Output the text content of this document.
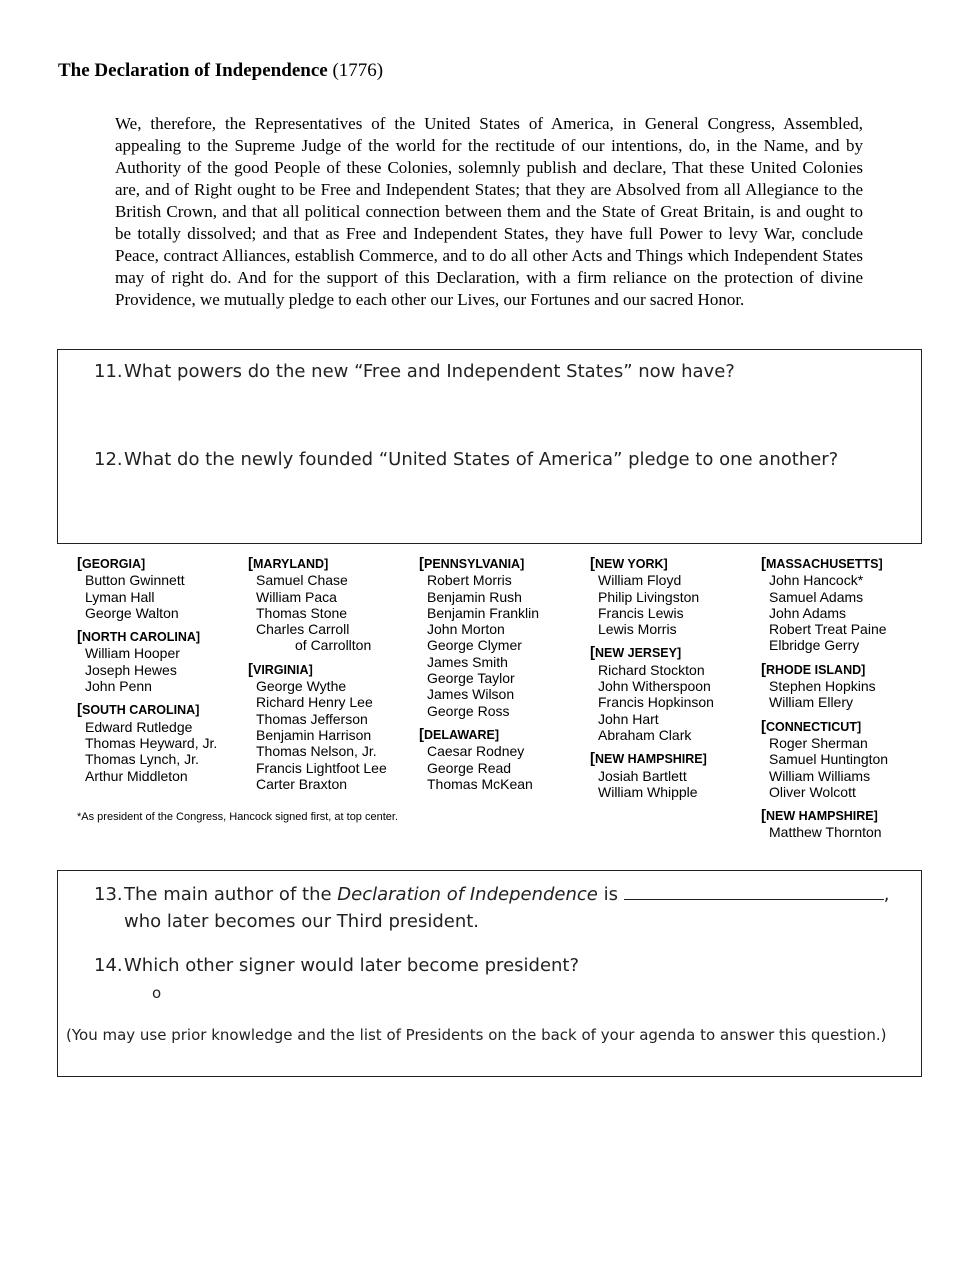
The Declaration of Independence (1776)
We, therefore, the Representatives of the United States of America, in General Congress, Assembled, appealing to the Supreme Judge of the world for the rectitude of our intentions, do, in the Name, and by Authority of the good People of these Colonies, solemnly publish and declare, That these United Colonies are, and of Right ought to be Free and Independent States; that they are Absolved from all Allegiance to the British Crown, and that all political connection between them and the State of Great Britain, is and ought to be totally dissolved; and that as Free and Independent States, they have full Power to levy War, conclude Peace, contract Alliances, establish Commerce, and to do all other Acts and Things which Independent States may of right do. And for the support of this Declaration, with a firm reliance on the protection of divine Providence, we mutually pledge to each other our Lives, our Fortunes and our sacred Honor.
11.What powers do the new “Free and Independent States” now have?
12.What do the newly founded “United States of America” pledge to one another?
[ GEORGIA ]
Button Gwinnett
Lyman Hall
George Walton
[ NORTH CAROLINA ]
William Hooper
Joseph Hewes
John Penn
[ SOUTH CAROLINA ]
Edward Rutledge
Thomas Heyward, Jr.
Thomas Lynch, Jr.
Arthur Middleton
[ MARYLAND ]
Samuel Chase
William Paca
Thomas Stone
Charles Carroll
of Carrollton
[ VIRGINIA ]
George Wythe
Richard Henry Lee
Thomas Jefferson
Benjamin Harrison
Thomas Nelson, Jr.
Francis Lightfoot Lee
Carter Braxton
[ PENNSYLVANIA ]
Robert Morris
Benjamin Rush
Benjamin Franklin
John Morton
George Clymer
James Smith
George Taylor
James Wilson
George Ross
[ DELAWARE ]
Caesar Rodney
George Read
Thomas McKean
[ NEW YORK ]
William Floyd
Philip Livingston
Francis Lewis
Lewis Morris
[ NEW JERSEY ]
Richard Stockton
John Witherspoon
Francis Hopkinson
John Hart
Abraham Clark
[ NEW HAMPSHIRE ]
Josiah Bartlett
William Whipple
[ MASSACHUSETTS ]
John Hancock*
Samuel Adams
John Adams
Robert Treat Paine
Elbridge Gerry
[ RHODE ISLAND ]
Stephen Hopkins
William Ellery
[ CONNECTICUT ]
Roger Sherman
Samuel Huntington
William Williams
Oliver Wolcott
[ NEW HAMPSHIRE ]
Matthew Thornton
*As president of the Congress, Hancock signed first, at top center.
13.The main author of the Declaration of Independence is	,
who later becomes our Third president.
14.Which other signer would later become president?
o
(You may use prior knowledge and the list of Presidents on the back of your agenda to answer this question.)
